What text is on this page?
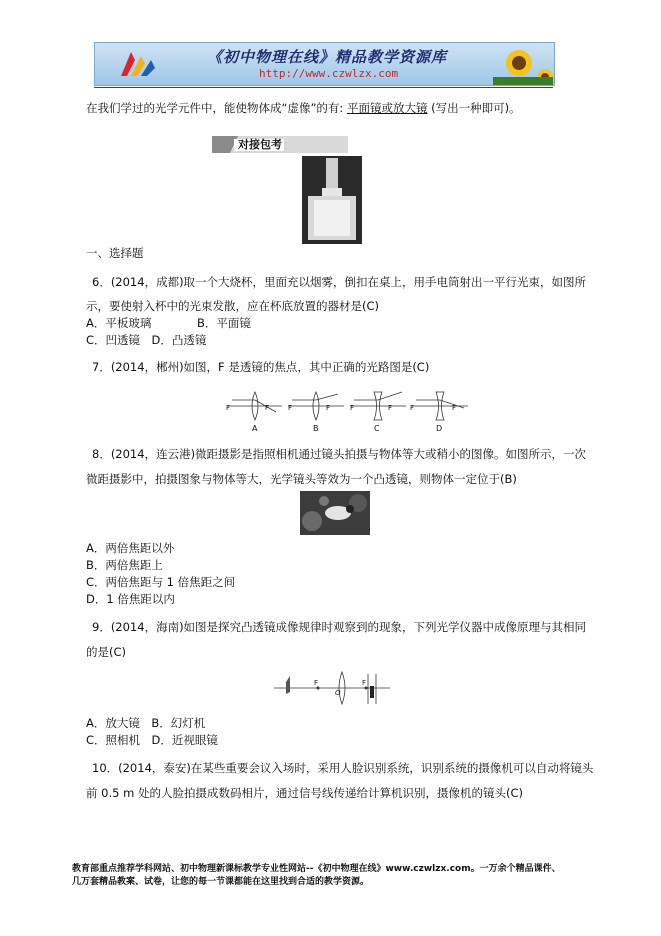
《初中物理在线》精品教学资源库
http://www.czwlzx.com
在我们学过的光学元件中，能使物体成“虚像”的有: 平面镜或放大镜 (写出一种即可)。
对接包考
一、选择题
6．(2014，成都)取一个大烧杯，里面充以烟雾，倒扣在桌上，用手电筒射出一平行光束，如图所
示，要使射入杯中的光束发散，应在杯底放置的器材是(C)
A．平板玻璃	B．平面镜
C．凹透镜　D．凸透镜
7．(2014，郴州)如图，F 是透镜的焦点，其中正确的光路图是(C)
F	F	F	F	F	F	F	F
A	B	C	D
8．(2014，连云港)微距摄影是指照相机通过镜头拍摄与物体等大或稍小的图像。如图所示，一次
微距摄影中，拍摄图象与物体等大，光学镜头等效为一个凸透镜，则物体一定位于(B)
A．两倍焦距以外
B．两倍焦距上
C．两倍焦距与 1 倍焦距之间
D．1 倍焦距以内
9．(2014，海南)如图是探究凸透镜成像规律时观察到的现象，下列光学仪器中成像原理与其相同
的是(C)
F
O
F
A．放大镜　B．幻灯机
C．照相机　D．近视眼镜
10．(2014，泰安)在某些重要会议入场时，采用人脸识别系统，识别系统的摄像机可以自动将镜头
前 0.5 m 处的人脸拍摄成数码相片，通过信号线传递给计算机识别，摄像机的镜头(C)
教育部重点推荐学科网站、初中物理新课标教学专业性网站--《初中物理在线》www.czwlzx.com。一万余个精品课件、
几万套精品教案、试卷，让您的每一节课都能在这里找到合适的教学资源。
